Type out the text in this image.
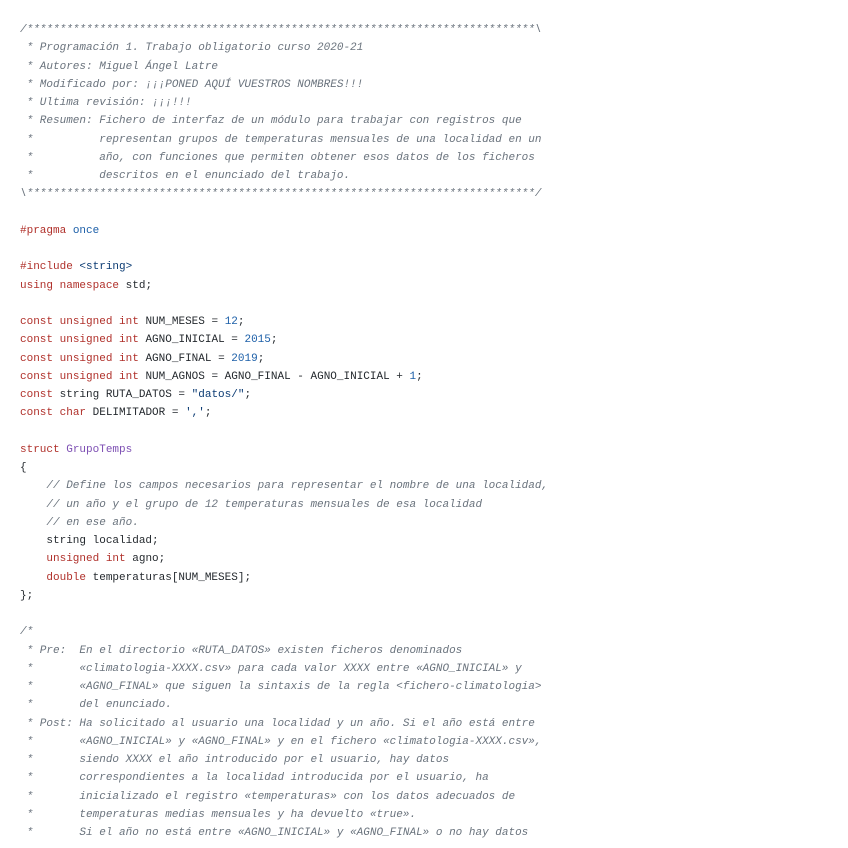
/*****************************************************************************\
* Programación 1. Trabajo obligatorio curso 2020-21
* Autores: Miguel Ángel Latre
* Modificado por: ¡¡¡PONED AQUÍ VUESTROS NOMBRES!!!
* Ultima revisión: ¡¡¡!!!
* Resumen: Fichero de interfaz de un módulo para trabajar con registros que
*          representan grupos de temperaturas mensuales de una localidad en un
*          año, con funciones que permiten obtener esos datos de los ficheros
*          descritos en el enunciado del trabajo.
\*****************************************************************************/
#pragma once
#include <string>
using namespace std;
const unsigned int NUM_MESES = 12;
const unsigned int AGNO_INICIAL = 2015;
const unsigned int AGNO_FINAL = 2019;
const unsigned int NUM_AGNOS = AGNO_FINAL - AGNO_INICIAL + 1;
const string RUTA_DATOS = "datos/";
const char DELIMITADOR = ',';
struct GrupoTemps
{
// Define los campos necesarios para representar el nombre de una localidad,
// un año y el grupo de 12 temperaturas mensuales de esa localidad
// en ese año.
string localidad;
unsigned int agno;
double temperaturas[NUM_MESES];
};
/*
* Pre:  En el directorio «RUTA_DATOS» existen ficheros denominados
*       «climatologia-XXXX.csv» para cada valor XXXX entre «AGNO_INICIAL» y
*       «AGNO_FINAL» que siguen la sintaxis de la regla <fichero-climatologia>
*       del enunciado.
* Post: Ha solicitado al usuario una localidad y un año. Si el año está entre
*       «AGNO_INICIAL» y «AGNO_FINAL» y en el fichero «climatologia-XXXX.csv»,
*       siendo XXXX el año introducido por el usuario, hay datos
*       correspondientes a la localidad introducida por el usuario, ha
*       inicializado el registro «temperaturas» con los datos adecuados de
*       temperaturas medias mensuales y ha devuelto «true».
*       Si el año no está entre «AGNO_INICIAL» y «AGNO_FINAL» o no hay datos
